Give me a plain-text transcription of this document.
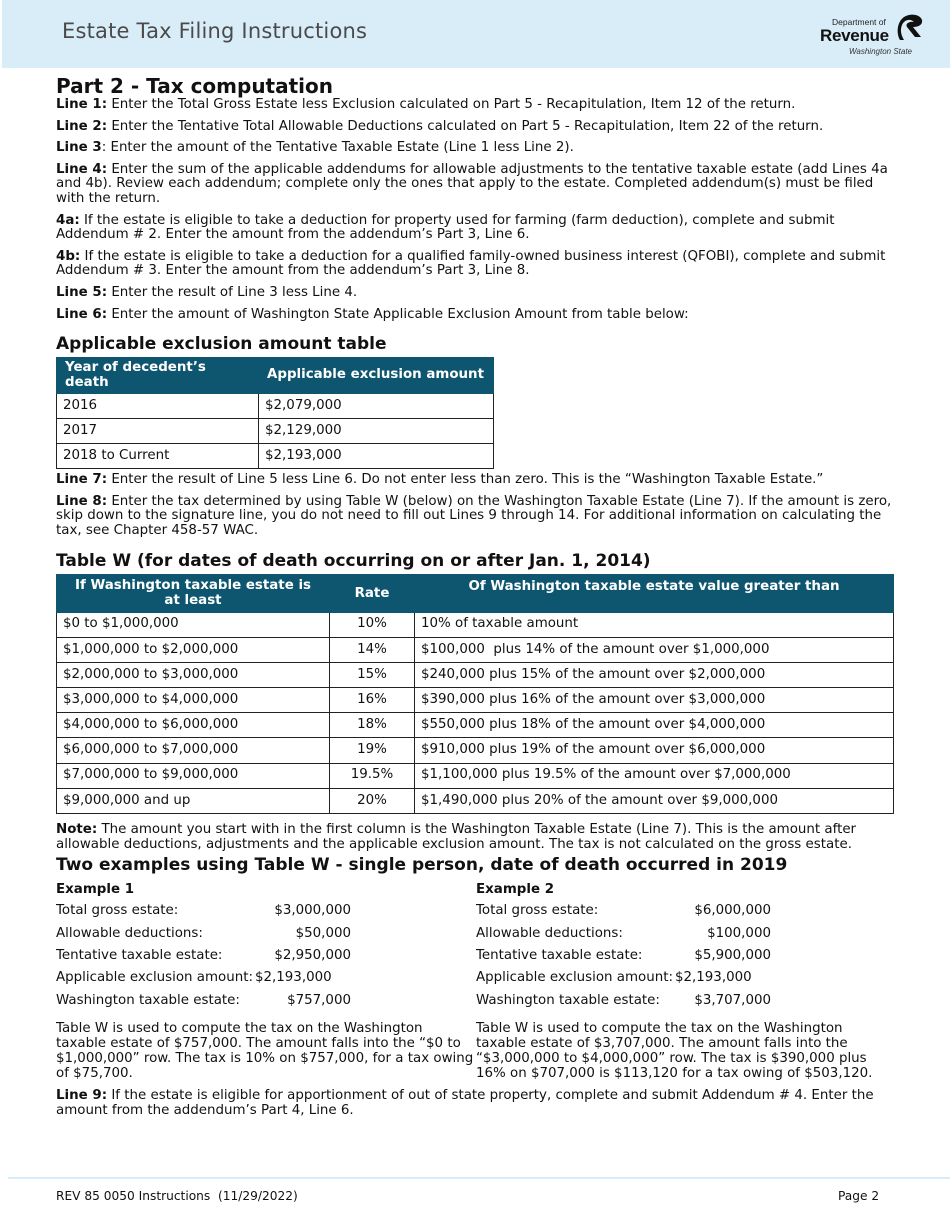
Estate Tax Filing Instructions	Department of
Revenue
Washington State
Part 2 - Tax computation
Line 1: Enter the Total Gross Estate less Exclusion calculated on Part 5 - Recapitulation, Item 12 of the return.
Line 2: Enter the Tentative Total Allowable Deductions calculated on Part 5 - Recapitulation, Item 22 of the return.
Line 3: Enter the amount of the Tentative Taxable Estate (Line 1 less Line 2).
Line 4: Enter the sum of the applicable addendums for allowable adjustments to the tentative taxable estate (add Lines 4a and 4b). Review each addendum; complete only the ones that apply to the estate. Completed addendum(s) must be filed with the return.
4a: If the estate is eligible to take a deduction for property used for farming (farm deduction), complete and submit Addendum # 2. Enter the amount from the addendum’s Part 3, Line 6.
4b: If the estate is eligible to take a deduction for a qualified family-owned business interest (QFOBI), complete and submit Addendum # 3. Enter the amount from the addendum’s Part 3, Line 8.
Line 5: Enter the result of Line 3 less Line 4.
Line 6: Enter the amount of Washington State Applicable Exclusion Amount from table below:
Applicable exclusion amount table
Year of decedent’s death	Applicable exclusion amount
2016	$2,079,000
2017	$2,129,000
2018 to Current	$2,193,000
Line 7: Enter the result of Line 5 less Line 6. Do not enter less than zero. This is the “Washington Taxable Estate.”
Line 8: Enter the tax determined by using Table W (below) on the Washington Taxable Estate (Line 7). If the amount is zero, skip down to the signature line, you do not need to fill out Lines 9 through 14. For additional information on calculating the tax, see Chapter 458-57 WAC.
Table W (for dates of death occurring on or after Jan. 1, 2014)
If Washington taxable estate is at least	Rate	Of Washington taxable estate value greater than
$0 to $1,000,000	10%	10% of taxable amount
$1,000,000 to $2,000,000	14%	$100,000  plus 14% of the amount over $1,000,000
$2,000,000 to $3,000,000	15%	$240,000 plus 15% of the amount over $2,000,000
$3,000,000 to $4,000,000	16%	$390,000 plus 16% of the amount over $3,000,000
$4,000,000 to $6,000,000	18%	$550,000 plus 18% of the amount over $4,000,000
$6,000,000 to $7,000,000	19%	$910,000 plus 19% of the amount over $6,000,000
$7,000,000 to $9,000,000	19.5%	$1,100,000 plus 19.5% of the amount over $7,000,000
$9,000,000 and up	20%	$1,490,000 plus 20% of the amount over $9,000,000
Note: The amount you start with in the first column is the Washington Taxable Estate (Line 7). This is the amount after allowable deductions, adjustments and the applicable exclusion amount. The tax is not calculated on the gross estate.
Two examples using Table W - single person, date of death occurred in 2019
Example 1
Total gross estate:	$3,000,000
Allowable deductions:	$50,000
Tentative taxable estate:	$2,950,000
Applicable exclusion amount: $2,193,000
Washington taxable estate:	$757,000
Table W is used to compute the tax on the Washington taxable estate of $757,000. The amount falls into the “$0 to $1,000,000” row. The tax is 10% on $757,000, for a tax owing of $75,700.
Example 2
Total gross estate:	$6,000,000
Allowable deductions:	$100,000
Tentative taxable estate:	$5,900,000
Applicable exclusion amount: $2,193,000
Washington taxable estate:	$3,707,000
Table W is used to compute the tax on the Washington taxable estate of $3,707,000. The amount falls into the “$3,000,000 to $4,000,000” row. The tax is $390,000 plus 16% on $707,000 is $113,120 for a tax owing of $503,120.
Line 9: If the estate is eligible for apportionment of out of state property, complete and submit Addendum # 4. Enter the amount from the addendum’s Part 4, Line 6.
REV 85 0050 Instructions  (11/29/2022)	Page 2
